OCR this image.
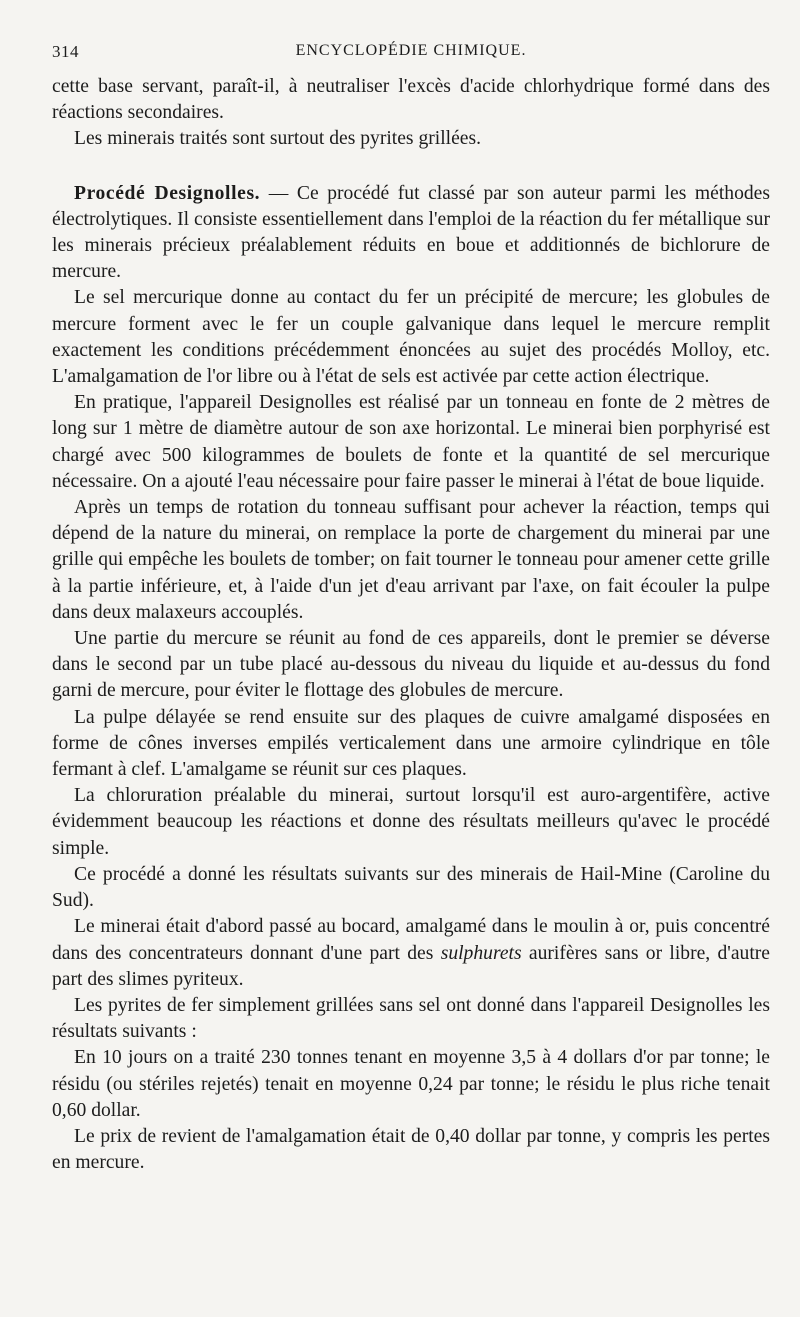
314	ENCYCLOPÉDIE CHIMIQUE.

cette base servant, paraît-il, à neutraliser l'excès d'acide chlorhydrique formé dans des réactions secondaires.

Les minerais traités sont surtout des pyrites grillées.

Procédé Designolles. — Ce procédé fut classé par son auteur parmi les méthodes électrolytiques. Il consiste essentiellement dans l'emploi de la réaction du fer métallique sur les minerais précieux préalablement réduits en boue et additionnés de bichlorure de mercure.

Le sel mercurique donne au contact du fer un précipité de mercure; les globules de mercure forment avec le fer un couple galvanique dans lequel le mercure remplit exactement les conditions précédemment énoncées au sujet des procédés Molloy, etc. L'amalgamation de l'or libre ou à l'état de sels est activée par cette action électrique.

En pratique, l'appareil Designolles est réalisé par un tonneau en fonte de 2 mètres de long sur 1 mètre de diamètre autour de son axe horizontal. Le minerai bien porphyrisé est chargé avec 500 kilogrammes de boulets de fonte et la quantité de sel mercurique nécessaire. On a ajouté l'eau nécessaire pour faire passer le minerai à l'état de boue liquide.

Après un temps de rotation du tonneau suffisant pour achever la réaction, temps qui dépend de la nature du minerai, on remplace la porte de chargement du minerai par une grille qui empêche les boulets de tomber; on fait tourner le tonneau pour amener cette grille à la partie inférieure, et, à l'aide d'un jet d'eau arrivant par l'axe, on fait écouler la pulpe dans deux malaxeurs accouplés.

Une partie du mercure se réunit au fond de ces appareils, dont le premier se déverse dans le second par un tube placé au-dessous du niveau du liquide et au-dessus du fond garni de mercure, pour éviter le flottage des globules de mercure.

La pulpe délayée se rend ensuite sur des plaques de cuivre amalgamé disposées en forme de cônes inverses empilés verticalement dans une armoire cylindrique en tôle fermant à clef. L'amalgame se réunit sur ces plaques.

La chloruration préalable du minerai, surtout lorsqu'il est auro-argentifère, active évidemment beaucoup les réactions et donne des résultats meilleurs qu'avec le procédé simple.

Ce procédé a donné les résultats suivants sur des minerais de Hail-Mine (Caroline du Sud).

Le minerai était d'abord passé au bocard, amalgamé dans le moulin à or, puis concentré dans des concentrateurs donnant d'une part des sulphurets aurifères sans or libre, d'autre part des slimes pyriteux.

Les pyrites de fer simplement grillées sans sel ont donné dans l'appareil Designolles les résultats suivants :

En 10 jours on a traité 230 tonnes tenant en moyenne 3,5 à 4 dollars d'or par tonne; le résidu (ou stériles rejetés) tenait en moyenne 0,24 par tonne; le résidu le plus riche tenait 0,60 dollar.

Le prix de revient de l'amalgamation était de 0,40 dollar par tonne, y compris les pertes en mercure.
